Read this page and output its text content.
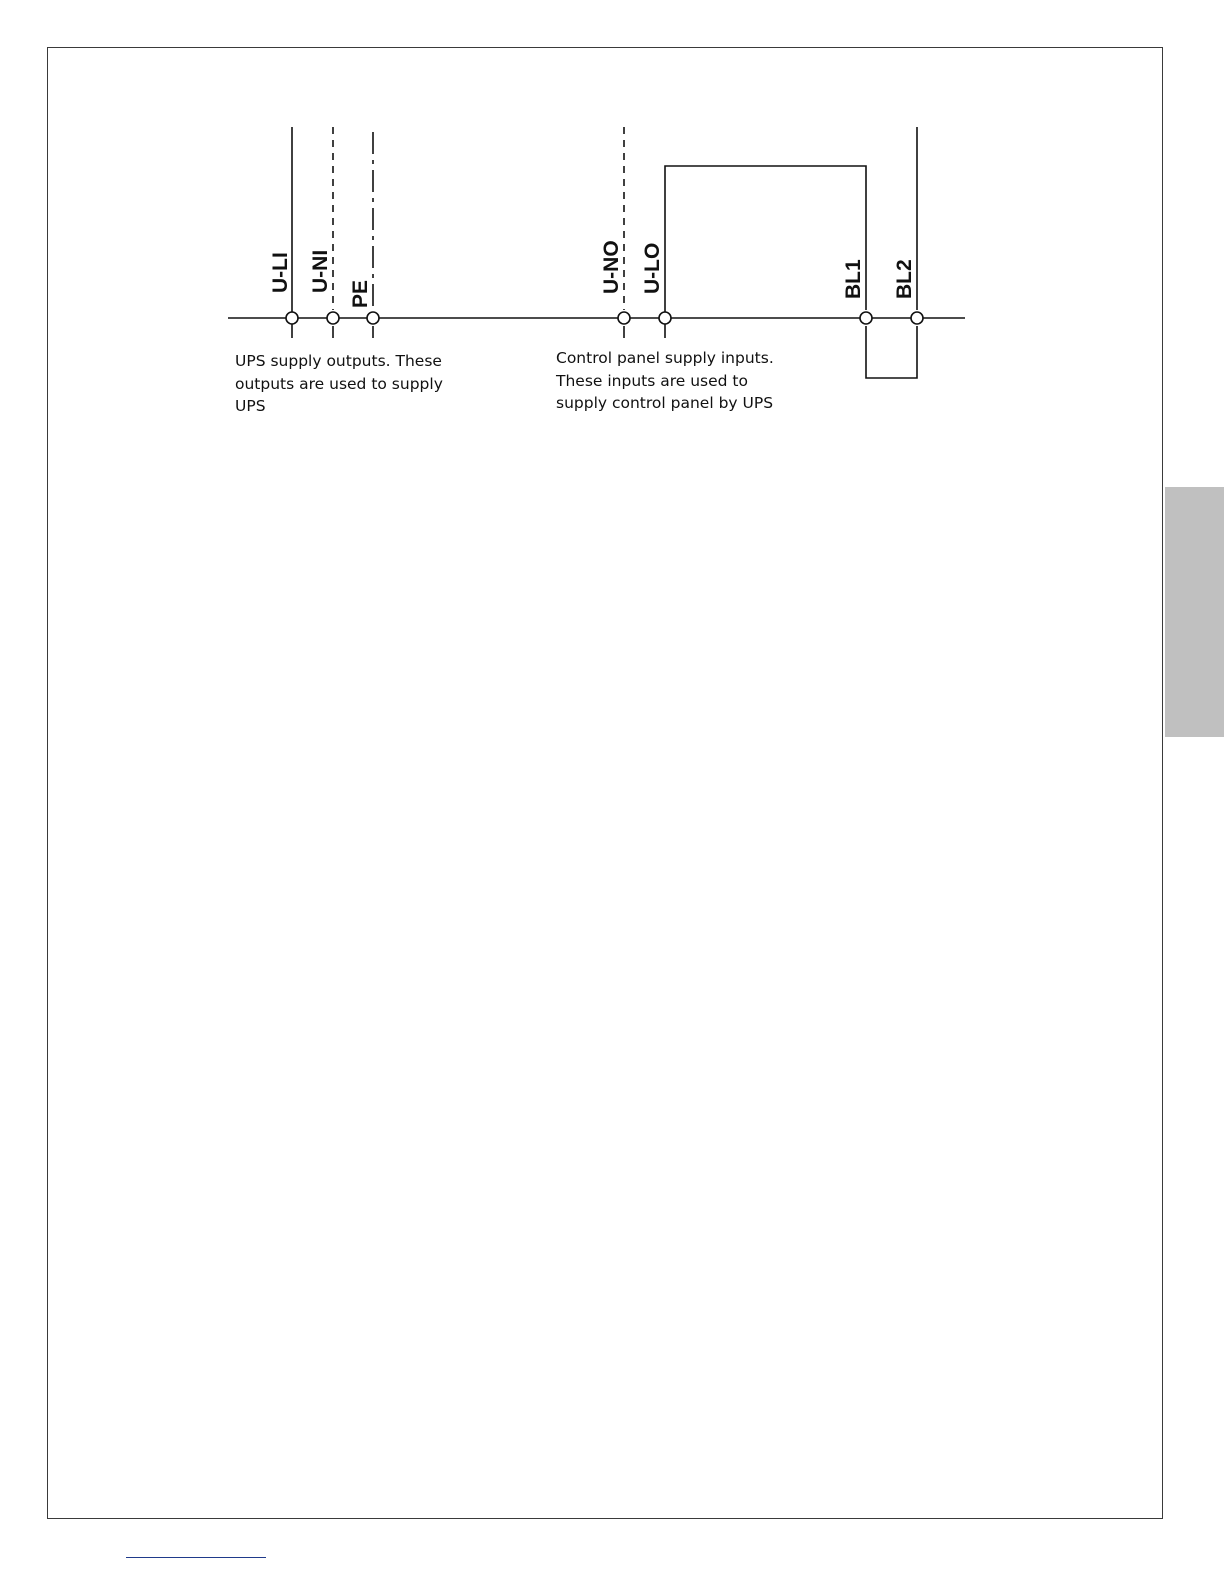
U-LI U-NI
PE	U-NO U-LO	BL1 BL2
UPS supply outputs. These
outputs are used to supply
UPS
Control panel supply inputs.
These inputs are used to
supply control panel by UPS
